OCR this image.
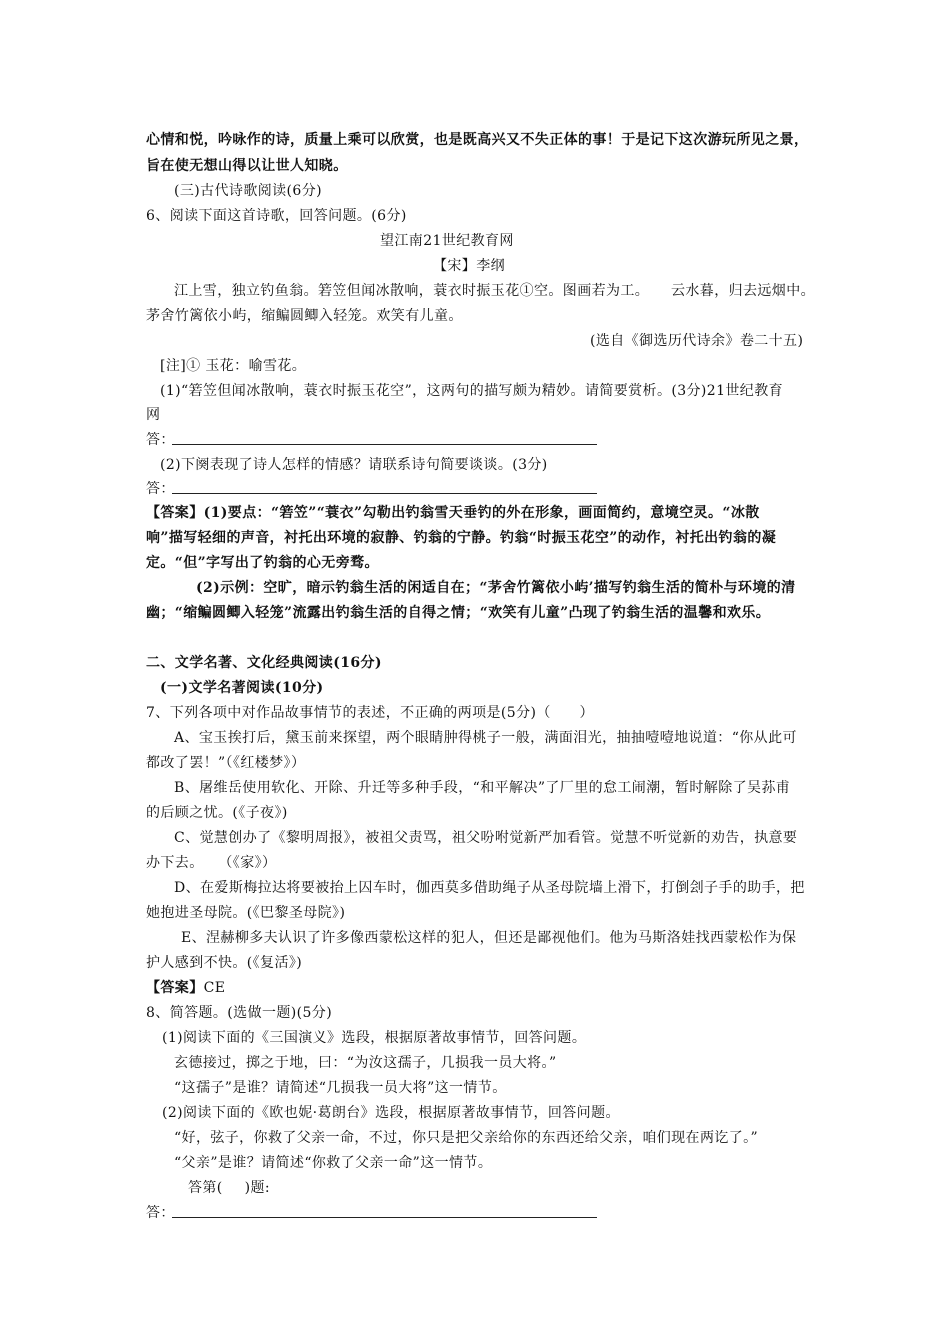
心情和悦，吟咏作的诗，质量上乘可以欣赏，也是既高兴又不失正体的事！于是记下这次游玩所见之景，
旨在使无想山得以让世人知晓。
(三)古代诗歌阅读(6分)
6、阅读下面这首诗歌，回答问题。(6分)
望江南21世纪教育网
【宋】李纲
江上雪，独立钓鱼翁。箬笠但闻冰散响，蓑衣时振玉花①空。图画若为工。　　云水暮，归去远烟中。
茅舍竹篱依小屿，缩鳊圆鲫入轻笼。欢笑有儿童。
(选自《御选历代诗余》卷二十五)
[注]① 玉花：喻雪花。
(1)“箬笠但闻冰散响，蓑衣时振玉花空”，这两句的描写颇为精妙。请简要赏析。(3分)21世纪教育
网
答：
(2)下阕表现了诗人怎样的情感？请联系诗句简要谈谈。(3分)
答：
【答案】(1)要点：“箬笠”“蓑衣”勾勒出钓翁雪天垂钓的外在形象，画面简约，意境空灵。“冰散
响”描写轻细的声音，衬托出环境的寂静、钓翁的宁静。钓翁“时振玉花空”的动作，衬托出钓翁的凝
定。“但”字写出了钓翁的心无旁骛。
(2)示例：空旷，暗示钓翁生活的闲适自在；“茅舍竹篱依小屿’描写钓翁生活的简朴与环境的清
幽；“缩鳊圆鲫入轻笼”流露出钓翁生活的自得之情；“欢笑有儿童”凸现了钓翁生活的温馨和欢乐。
二、文学名著、文化经典阅读(16分)
(一)文学名著阅读(10分)
7、下列各项中对作品故事情节的表述，不正确的两项是(5分)（　　）
A、宝玉挨打后，黛玉前来探望，两个眼睛肿得桃子一般，满面泪光，抽抽噎噎地说道：“你从此可
都改了罢！”（《红楼梦》）
B、屠维岳使用软化、开除、升迁等多种手段，“和平解决”了厂里的怠工闹潮，暂时解除了吴荪甫
的后顾之忧。(《子夜》)
C、觉慧创办了《黎明周报》，被祖父责骂，祖父吩咐觉新严加看管。觉慧不听觉新的劝告，执意要
办下去。　　（《家》）
D、在爱斯梅拉达将要被抬上囚车时，伽西莫多借助绳子从圣母院墙上滑下，打倒刽子手的助手，把
她抱进圣母院。(《巴黎圣母院》)
E、涅赫柳多夫认识了许多像西蒙松这样的犯人，但还是鄙视他们。他为马斯洛娃找西蒙松作为保
护人感到不快。(《复活》)
【答案】CE
8、简答题。(选做一题)(5分)
(1)阅读下面的《三国演义》选段，根据原著故事情节，回答问题。
玄德接过，掷之于地，曰：“为汝这孺子，几损我一员大将。”
“这孺子”是谁？请简述“几损我一员大将”这一情节。
(2)阅读下面的《欧也妮·葛朗台》选段，根据原著故事情节，回答问题。
“好，弦子，你救了父亲一命，不过，你只是把父亲给你的东西还给父亲，咱们现在两讫了。”
“父亲”是谁？请简述“你救了父亲一命”这一情节。
答第( )题:
答：
